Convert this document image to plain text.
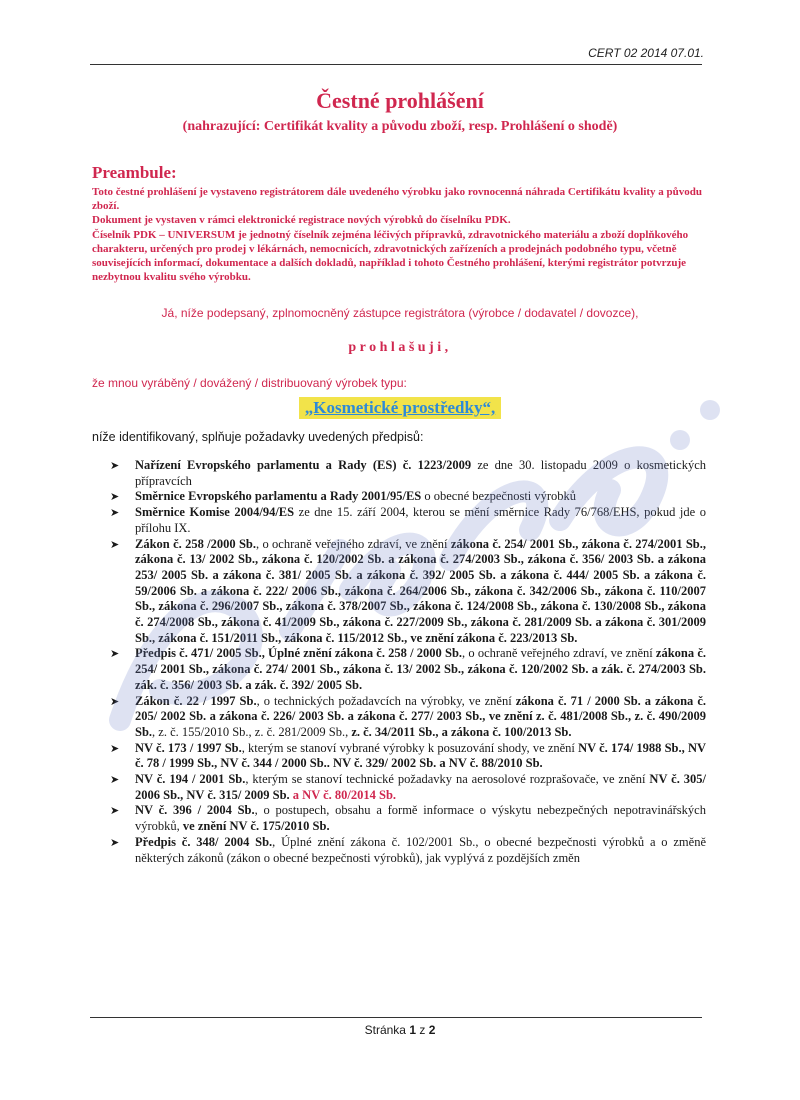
CERT 02 2014 07.01.
Čestné prohlášení
(nahrazující: Certifikát kvality a původu zboží, resp. Prohlášení o shodě)
Preambule:

Toto čestné prohlášení je vystaveno registrátorem dále uvedeného výrobku jako rovnocenná náhrada Certifikátu kvality a původu zboží.

Dokument je vystaven v rámci elektronické registrace nových výrobků do číselníku PDK.

Číselník PDK – UNIVERSUM je jednotný číselník zejména léčivých přípravků, zdravotnického materiálu a zboží doplňkového charakteru, určených pro prodej v lékárnách, nemocnicích, zdravotnických zařízeních a prodejnách podobného typu, včetně souvisejících informací, dokumentace a dalších dokladů, například i tohoto Čestného prohlášení, kterými registrátor potvrzuje nezbytnou kvalitu svého výrobku.

Já, níže podepsaný, zplnomocněný zástupce registrátora (výrobce / dodavatel / dovozce),
prohlašuji,
že mnou vyráběný / dovážený / distribuovaný výrobek typu:
„Kosmetické prostředky“,
níže identifikovaný, splňuje požadavky uvedených předpisů:
➤ Nařízení Evropského parlamentu a Rady (ES) č. 1223/2009 ze dne 30. listopadu 2009 o kosmetických přípravcích
➤ Směrnice Evropského parlamentu a Rady 2001/95/ES o obecné bezpečnosti výrobků
➤ Směrnice Komise 2004/94/ES ze dne 15. září 2004, kterou se mění směrnice Rady 76/768/EHS, pokud jde o přílohu IX.
➤ Zákon č. 258 /2000 Sb., o ochraně veřejného zdraví, ve znění zákona č. 254/ 2001 Sb., zákona č. 274/2001 Sb., zákona č. 13/ 2002 Sb., zákona č. 120/2002 Sb. a zákona č. 274/2003 Sb., zákona č. 356/ 2003 Sb. a zákona 253/ 2005 Sb. a zákona č. 381/ 2005 Sb. a zákona č. 392/ 2005 Sb. a zákona č. 444/ 2005 Sb. a zákona č. 59/2006 Sb. a zákona č. 222/ 2006 Sb., zákona č. 264/2006 Sb., zákona č. 342/2006 Sb., zákona č. 110/2007 Sb., zákona č. 296/2007 Sb., zákona č. 378/2007 Sb., zákona č. 124/2008 Sb., zákona č. 130/2008 Sb., zákona č. 274/2008 Sb., zákona č. 41/2009 Sb., zákona č. 227/2009 Sb., zákona č. 281/2009 Sb. a zákona č. 301/2009 Sb., zákona č. 151/2011 Sb., zákona č. 115/2012 Sb., ve znění zákona č. 223/2013 Sb.
➤ Předpis č. 471/ 2005 Sb., Úplné znění zákona č. 258 / 2000 Sb., o ochraně veřejného zdraví, ve znění zákona č. 254/ 2001 Sb., zákona č. 274/ 2001 Sb., zákona č. 13/ 2002 Sb., zákona č. 120/2002 Sb. a zák. č. 274/2003 Sb. zák. č. 356/ 2003 Sb. a zák. č. 392/ 2005 Sb.
➤ Zákon č. 22 / 1997 Sb., o technických požadavcích na výrobky, ve znění zákona č. 71 / 2000 Sb. a zákona č. 205/ 2002 Sb. a zákona č. 226/ 2003 Sb. a zákona č. 277/ 2003 Sb., ve znění z. č. 481/2008 Sb., z. č. 490/2009 Sb., z. č. 155/2010 Sb., z. č. 281/2009 Sb., z. č. 34/2011 Sb., a zákona č. 100/2013 Sb.
➤ NV č. 173 / 1997 Sb., kterým se stanoví vybrané výrobky k posuzování shody, ve znění NV č. 174/ 1988 Sb., NV č. 78 / 1999 Sb., NV č. 344 / 2000 Sb.. NV č. 329/ 2002 Sb. a NV č. 88/2010 Sb.
➤ NV č. 194 / 2001 Sb., kterým se stanoví technické požadavky na aerosolové rozprašovače, ve znění NV č. 305/ 2006 Sb., NV č. 315/ 2009 Sb. a NV č. 80/2014 Sb.
➤ NV č. 396 / 2004 Sb., o postupech, obsahu a formě informace o výskytu nebezpečných nepotravinářských výrobků, ve znění NV č. 175/2010 Sb.
➤ Předpis č. 348/ 2004 Sb., Úplné znění zákona č. 102/2001 Sb., o obecné bezpečnosti výrobků a o změně některých zákonů (zákon o obecné bezpečnosti výrobků), jak vyplývá z pozdějších změn
Stránka 1 z 2
